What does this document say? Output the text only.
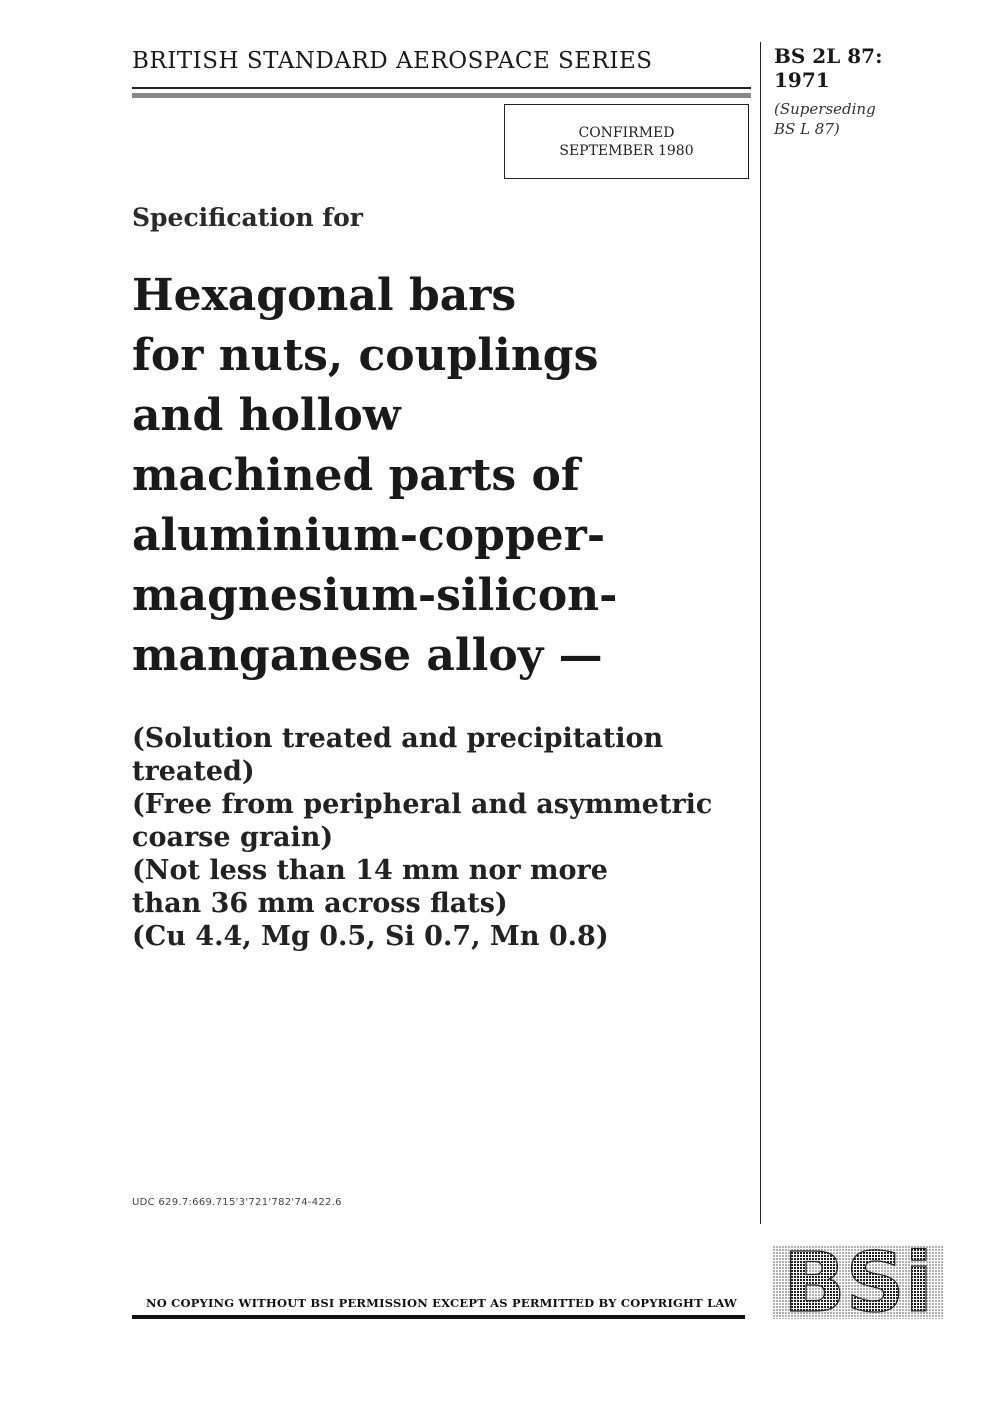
BRITISH STANDARD AEROSPACE SERIES	BS 2L 87:
1971
(Superseding
BS L 87)
CONFIRMED
SEPTEMBER 1980
Specification for
Hexagonal bars
for nuts, couplings
and hollow
machined parts of
aluminium-copper-
magnesium-silicon-
manganese alloy —
(Solution treated and precipitation
treated)
(Free from peripheral and asymmetric
coarse grain)
(Not less than 14 mm nor more
than 36 mm across flats)
(Cu 4.4, Mg 0.5, Si 0.7, Mn 0.8)
UDC 629.7:669.715'3'721'782'74-422.6
BSi
NO COPYING WITHOUT BSI PERMISSION EXCEPT AS PERMITTED BY COPYRIGHT LAW
